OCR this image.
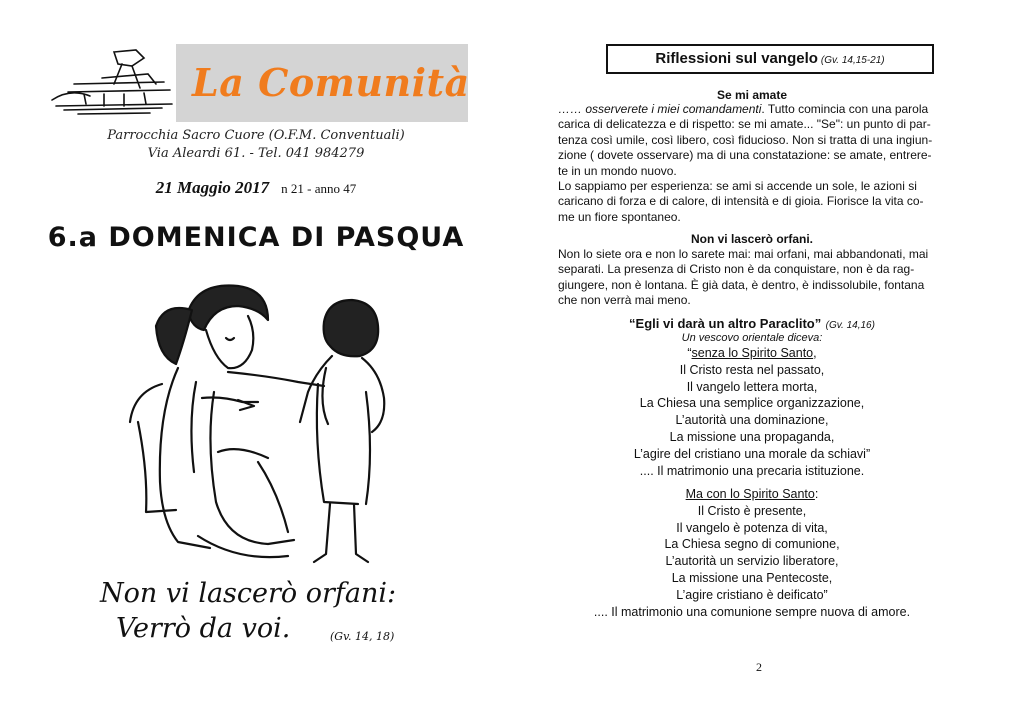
La Comunità
Parrocchia Sacro Cuore (O.F.M. Conventuali)
Via Aleardi 61. - Tel. 041 984279
21 Maggio 2017 n 21 - anno 47
6.a DOMENICA DI PASQUA
Non vi lascerò orfani:
Verrò da voi.	(Gv. 14, 18)
Riflessioni sul vangelo (Gv. 14,15-21)
Se mi amate
…… osserverete i miei comandamenti. Tutto comincia con una parola
carica di delicatezza e di rispetto: se mi amate... "Se": un punto di par-
tenza così umile, così libero, così fiducioso. Non si tratta di una ingiun-
zione ( dovete osservare) ma di una constatazione: se amate, entrere-
te in un mondo nuovo.
Lo sappiamo per esperienza: se ami si accende un sole, le azioni si
caricano di forza e di calore, di intensità e di gioia. Fiorisce la vita co-
me un fiore spontaneo.
Non vi lascerò orfani.
Non lo siete ora e non lo sarete mai: mai orfani, mai abbandonati, mai
separati. La presenza di Cristo non è da conquistare, non è da rag-
giungere, non è lontana. È già data, è dentro, è indissolubile, fontana
che non verrà mai meno.
“Egli vi darà un altro Paraclito” (Gv. 14,16)
Un vescovo orientale diceva:
“senza lo Spirito Santo,
Il Cristo resta nel passato,
Il vangelo lettera morta,
La Chiesa una semplice organizzazione,
L’autorità una dominazione,
La missione una propaganda,
L’agire del cristiano una morale da schiavi”
.... Il matrimonio una precaria istituzione.
Ma con lo Spirito Santo:
Il Cristo è presente,
Il vangelo è potenza di vita,
La Chiesa segno di comunione,
L’autorità un servizio liberatore,
La missione una Pentecoste,
L’agire cristiano è deificato”
.... Il matrimonio una comunione sempre nuova di amore.
2
